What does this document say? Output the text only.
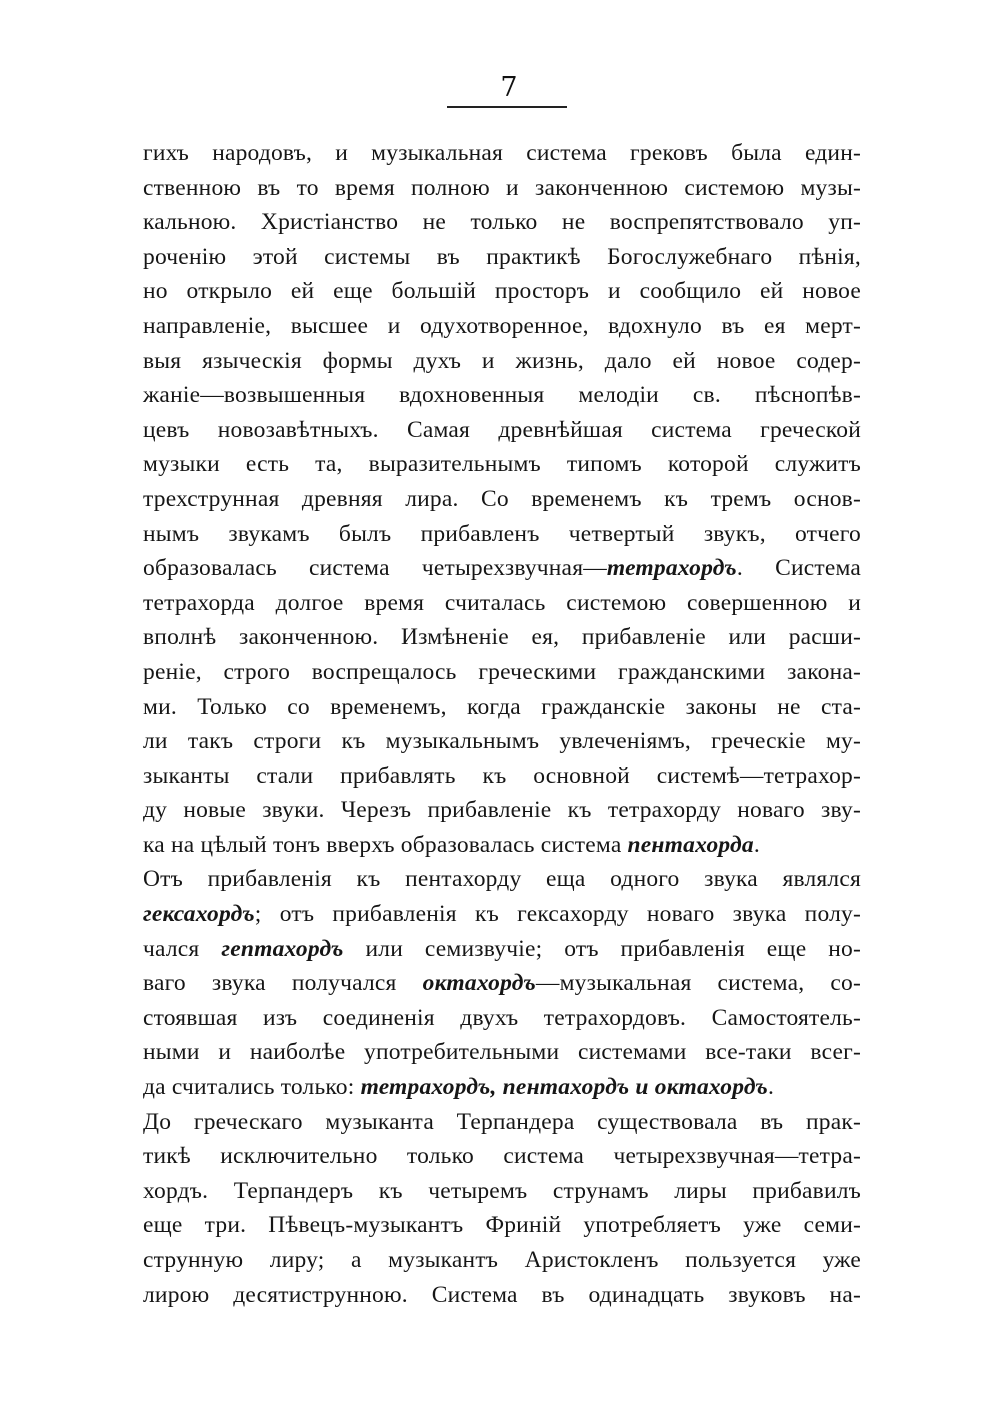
7
гихъ народовъ, и музыкальная система грековъ была един-
ственною въ то время полною и законченною системою музы-
кальною. Христіанство не только не воспрепятствовало уп-
роченію этой системы въ практикѣ Богослужебнаго пѣнія,
но открыло ей еще большій просторъ и сообщило ей новое
направленіе, высшее и одухотворенное, вдохнуло въ ея мерт-
выя языческія формы духъ и жизнь, дало ей новое содер-
жаніе—возвышенныя вдохновенныя мелодіи св. пѣснопѣв-
цевъ новозавѣтныхъ. Самая древнѣйшая система греческой
музыки есть та, выразительнымъ типомъ которой служитъ
трехструнная древняя лира. Со временемъ къ тремъ основ-
нымъ звукамъ былъ прибавленъ четвертый звукъ, отчего
образовалась система четырехзвучная—тетрахордъ. Система
тетрахорда долгое время считалась системою совершенною и
вполнѣ законченною. Измѣненіе ея, прибавленіе или расши-
реніе, строго воспрещалось греческими гражданскими закона-
ми. Только со временемъ, когда гражданскіе законы не ста-
ли такъ строги къ музыкальнымъ увлеченіямъ, греческіе му-
зыканты стали прибавлять къ основной системѣ—тетрахор-
ду новые звуки. Черезъ прибавленіе къ тетрахорду новаго зву-
ка на цѣлый тонъ вверхъ образовалась система пентахорда.
Отъ прибавленія къ пентахорду еща одного звука являлся
гексахордъ; отъ прибавленія къ гексахорду новаго звука полу-
чался гептахордъ или семизвучіе; отъ прибавленія еще но-
ваго звука получался октахордъ—музыкальная система, со-
стоявшая изъ соединенія двухъ тетрахордовъ. Самостоятель-
ными и наиболѣе употребительными системами все-таки всег-
да считались только: тетрахордъ, пентахордъ и октахордъ.
До греческаго музыканта Терпандера существовала въ прак-
тикѣ исключительно только система четырехзвучная—тетра-
хордъ. Терпандеръ къ четыремъ струнамъ лиры прибавилъ
еще три. Пѣвецъ-музыкантъ Фриній употребляетъ уже семи-
струнную лиру; а музыкантъ Аристокленъ пользуется уже
лирою десятиструнною. Система въ одинадцать звуковъ на-
